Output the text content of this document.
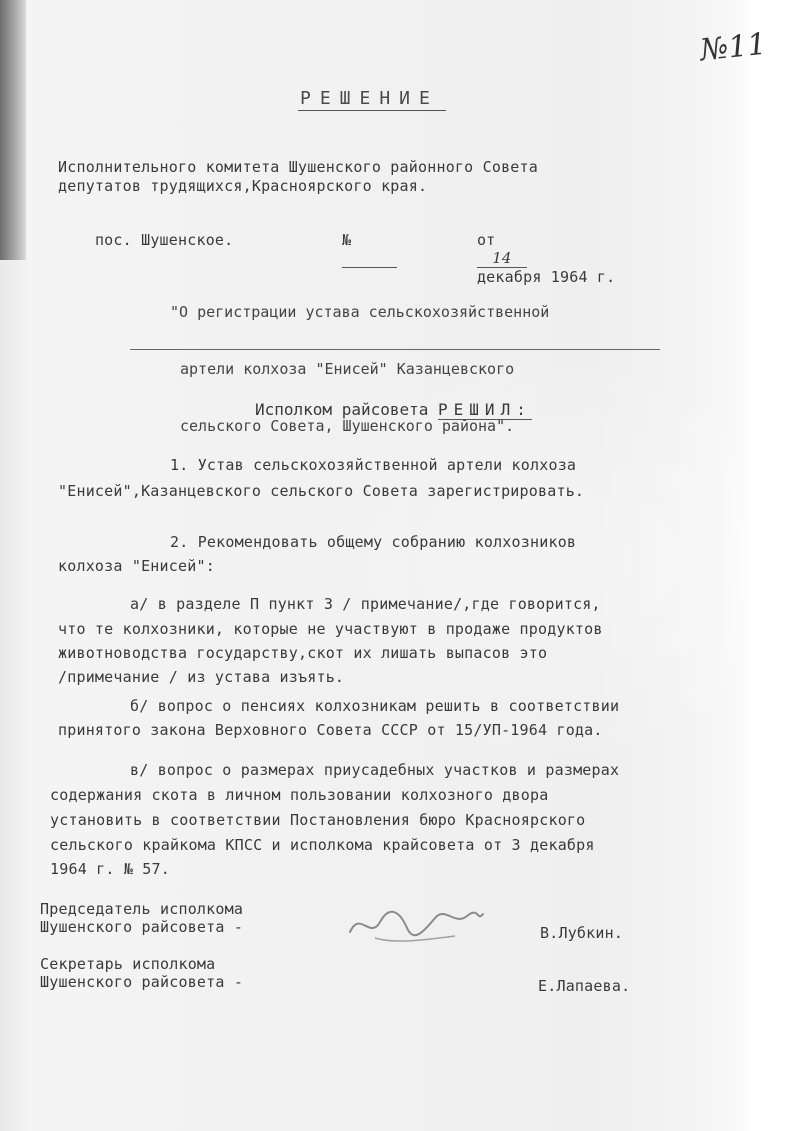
№11
РЕШЕНИЕ
Исполнительного комитета Шушенского районного Совета
депутатов трудящихся,Красноярского края.

пос. Шушенское.
	№

	от
14
декабря 1964 г.

"О регистрации устава сельскохозяйственной

артели колхоза "Енисей" Казанцевского

сельского Совета, Шушенского района".

Исполком райсовета РЕШИЛ:
1. Устав сельскохозяйственной артели колхоза
"Енисей",Казанцевского сельского Совета зарегистрировать.
2. Рекомендовать общему собранию колхозников
колхоза "Енисей":
а/ в разделе П пункт 3 / примечание/,где говорится,
что те колхозники, которые не участвуют в продаже продуктов
животноводства государству,скот их лишать выпасов это
/примечание / из устава изъять.
б/ вопрос о пенсиях колхозникам решить в соответствии
принятого закона Верховного Совета СССР от 15/УП-1964 года.
в/ вопрос о размерах приусадебных участков и размерах
содержания скота в личном пользовании колхозного двора
установить в соответствии Постановления бюро Красноярского
сельского крайкома КПСС и исполкома крайсовета от 3 декабря
1964 г. № 57.
Председатель исполкома
Шушенского райсовета -	В.Лубкин.
Секретарь исполкома
Шушенского райсовета -	Е.Лапаева.
